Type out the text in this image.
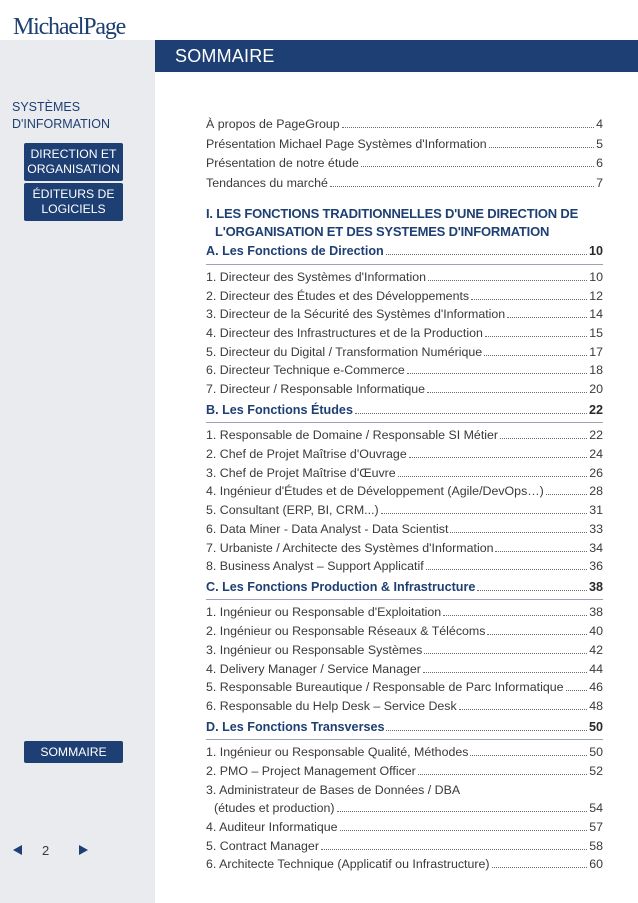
MichaelPage
SOMMAIRE
SYSTÈMES
D'INFORMATION
DIRECTION ET
ORGANISATION
ÉDITEURS DE
LOGICIELS
SOMMAIRE
2
À propos de PageGroup	4
Présentation Michael Page Systèmes d'Information	5
Présentation de notre étude	6
Tendances du marché	7
I. LES FONCTIONS TRADITIONNELLES D'UNE DIRECTION DE
L'ORGANISATION ET DES SYSTEMES D'INFORMATION
A. Les Fonctions de Direction	10
1. Directeur des Systèmes d'Information	10
2. Directeur des Études et des Développements	12
3. Directeur de la Sécurité des Systèmes d'Information	14
4. Directeur des Infrastructures et de la Production	15
5. Directeur du Digital / Transformation Numérique	17
6. Directeur Technique e-Commerce	18
7. Directeur / Responsable Informatique	20
B. Les Fonctions Études	22
1. Responsable de Domaine / Responsable SI Métier	22
2. Chef de Projet Maîtrise d'Ouvrage	24
3. Chef de Projet Maîtrise d'Œuvre	26
4. Ingénieur d'Études et de Développement (Agile/DevOps…)	28
5. Consultant (ERP, BI, CRM...)	31
6. Data Miner - Data Analyst - Data Scientist	33
7. Urbaniste / Architecte des Systèmes d'Information	34
8. Business Analyst – Support Applicatif	36
C. Les Fonctions Production & Infrastructure	38
1. Ingénieur ou Responsable d'Exploitation	38
2. Ingénieur ou Responsable Réseaux & Télécoms	40
3. Ingénieur ou Responsable Systèmes	42
4. Delivery Manager / Service Manager	44
5. Responsable Bureautique / Responsable de Parc Informatique 46
6. Responsable du Help Desk – Service Desk	48
D. Les Fonctions Transverses	50
1. Ingénieur ou Responsable Qualité, Méthodes	50
2. PMO – Project Management Officer	52
3. Administrateur de Bases de Données / DBA
(études et production)	54
4. Auditeur Informatique	57
5. Contract Manager	58
6. Architecte Technique (Applicatif ou Infrastructure)	60
